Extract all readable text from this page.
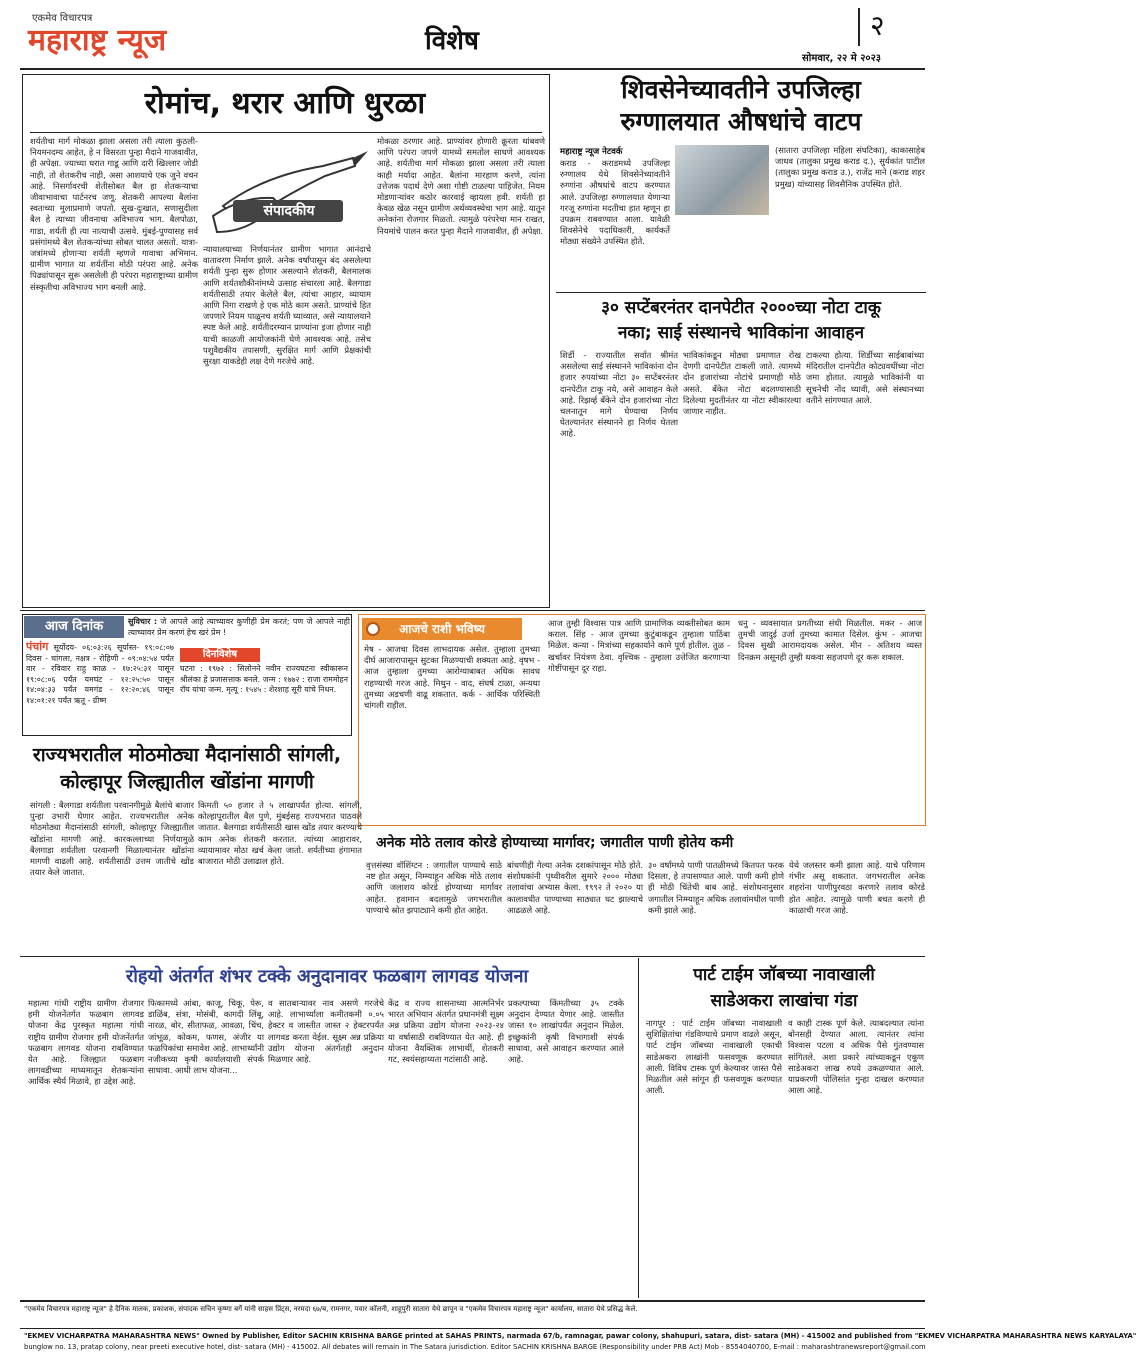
एकमेव विचारपत्र
महाराष्ट्र न्यूज	विशेष	२
सोमवार, २२ मे २०२३
रोमांच, थरार आणि धुरळा
शर्यतीचा मार्ग मोकळा झाला असला तरी त्याला कुठली-नियमनदम्य आहेत, हे न विसरता पुन्हा मैदाने गाजवावीत, ही अपेक्षा. ज्याच्या घरात गाडू आणि दारी खिल्लार जोडी नाही, तो शेतकरीच नाही, असा आशयाचे एक जुने वचन आहे. निसर्गावरची शेतीसोबत बैल हा शेतकऱ्याचा जीवाभावाचा पार्टनरच जणू. शेतकरी आपल्या बैलांना स्वतःच्या मुलाप्रमाणे जपतो. सुख-दुःखात, सणासुदीला बैल हे त्याच्या जीवनाचा अविभाज्य भाग. बैलपोळा, गाडा, शर्यती ही त्या नात्याची उत्सवे. मुंबई-पुण्यासह सर्व प्रसंगांमध्ये बैल शेतकऱ्यांच्या सोबत चालत असतो. यात्रा-जत्रांमध्ये होणाऱ्या शर्यती म्हणजे गावाचा अभिमान. ग्रामीण भागात या शर्यतींना मोठी परंपरा आहे. अनेक पिढ्यांपासून सुरू असलेली ही परंपरा महाराष्ट्राच्या ग्रामीण संस्कृतीचा अविभाज्य भाग बनली आहे.
संपादकीय
न्यायालयाच्या निर्णयानंतर ग्रामीण भागात आनंदाचे वातावरण निर्माण झाले. अनेक वर्षांपासून बंद असलेल्या शर्यती पुन्हा सुरू होणार असल्याने शेतकरी, बैलमालक आणि शर्यतशौकीनांमध्ये उत्साह संचारला आहे. बैलगाडा शर्यतीसाठी तयार केलेले बैल, त्यांचा आहार, व्यायाम आणि निगा राखणे हे एक मोठे काम असते. प्राण्यांचे हित जपणारे नियम पाळूनच शर्यती घ्याव्यात, असे न्यायालयाने स्पष्ट केले आहे. शर्यतीदरम्यान प्राण्यांना इजा होणार नाही याची काळजी आयोजकांनी घेणे आवश्यक आहे. तसेच पशुवैद्यकीय तपासणी, सुरक्षित मार्ग आणि प्रेक्षकांची सुरक्षा याकडेही लक्ष देणे गरजेचे आहे.
मोकळा ठरणार आहे. प्राण्यांवर होणारी क्रूरता थांबवणे आणि परंपरा जपणे यामध्ये समतोल साधणे आवश्यक आहे. शर्यतीचा मार्ग मोकळा झाला असला तरी त्याला काही मर्यादा आहेत. बैलांना मारहाण करणे, त्यांना उत्तेजक पदार्थ देणे अशा गोष्टी टाळल्या पाहिजेत. नियम मोडणाऱ्यांवर कठोर कारवाई व्हायला हवी. शर्यती हा केवळ खेळ नसून ग्रामीण अर्थव्यवस्थेचा भाग आहे. यातून अनेकांना रोजगार मिळतो. त्यामुळे परंपरेचा मान राखत, नियमांचे पालन करत पुन्हा मैदाने गाजवावीत, ही अपेक्षा.
शिवसेनेच्यावतीने उपजिल्हा
रुग्णालयात औषधांचे वाटप
महाराष्ट्र न्यूज नेटवर्क
कराड - कराडमध्ये उपजिल्हा रुग्णालय येथे शिवसेनेच्यावतीने रुग्णांना औषधांचे वाटप करण्यात आले. उपजिल्हा रुग्णालयात येणाऱ्या गरजू रुग्णांना मदतीचा हात म्हणून हा उपक्रम राबवण्यात आला. यावेळी शिवसेनेचे पदाधिकारी, कार्यकर्ते मोठ्या संख्येने उपस्थित होते.
(सातारा उपजिल्हा महिला संघटिका), काकासाहेब जाधव (तालुका प्रमुख कराड द.), सुर्यकांत पाटील (तालुका प्रमुख कराड उ.), राजेंद्र माने (कराड शहर प्रमुख) यांच्यासह शिवसैनिक उपस्थित होते.
३० सप्टेंबरनंतर दानपेटीत २०००च्या नोटा टाकू
नका; साई संस्थानचे भाविकांना आवाहन
शिर्डी - राज्यातील सर्वात श्रीमंत असलेल्या साई संस्थानने भाविकांना दोन हजार रुपयांच्या नोटा ३० सप्टेंबरनंतर दानपेटीत टाकू नये, असे आवाहन केले आहे. रिझर्व्ह बँकेने दोन हजारांच्या नोटा चलनातून मागे घेण्याचा निर्णय घेतल्यानंतर संस्थानने हा निर्णय घेतला आहे.
भाविकांकडून मोठ्या प्रमाणात रोख देणगी दानपेटीत टाकली जाते. त्यामध्ये दोन हजारांच्या नोटांचे प्रमाणही मोठे असते. बँकेत नोटा बदलण्यासाठी दिलेल्या मुदतीनंतर या नोटा स्वीकारल्या जाणार नाहीत.
टाकल्या होत्या. शिर्डीच्या साईबाबांच्या मंदिरातील दानपेटीत कोट्यवधींच्या नोटा जमा होतात. त्यामुळे भाविकांनी या सूचनेची नोंद घ्यावी, असे संस्थानच्या वतीने सांगण्यात आले.
आज दिनांक	सुविचार : जे आपले आहे त्याच्यावर कुणीही प्रेम करतं; पण जे आपले नाही त्याच्यावर प्रेम करणं हेच खरं प्रेम !
पंचांग सूर्योदय- ०६:०३:२६ सूर्यास्त- १९:०८:०७ दिवस - चांगला, नक्षत्र - रोहिणी - ०९:०४:५४ पर्यंत वार - रविवार राहु काळ - १७:२५:३१ पासून १९:०८:०६ पर्यंत यमघंट - १२:२५:५० पासून १४:०४:३३ पर्यंत यमगंड - १२:२०:४६ पासून १४:०१:२१ पर्यंत ऋतू - ग्रीष्म
दिनविशेष
घटना : १९७२ : सिलोनने नवीन राज्यघटना स्वीकारून श्रीलंका हे प्रजासत्ताक बनले. जन्म : १७७२ : राजा राममोहन रॉय यांचा जन्म. मृत्यू : १५४५ : शेरशाह सूरी यांचे निधन.
आजचे राशी भविष्य
मेष - आजचा दिवस लाभदायक असेल. तुम्हाला तुमच्या दीर्घ आजारापासून सुटका मिळण्याची शक्यता आहे. वृषभ - आज तुम्हाला तुमच्या आरोग्याबाबत अधिक सावध राहण्याची गरज आहे. मिथुन - वाद, संघर्ष टाळा, अन्यथा तुमच्या अडचणी वाढू शकतात. कर्क - आर्थिक परिस्थिती चांगली राहील.
आज तुम्ही विश्वास पात्र आणि प्रामाणिक व्यक्तीसोबत काम कराल. सिंह - आज तुमच्या कुटुंबाकडून तुम्हाला पाठिंबा मिळेल. कन्या - मित्रांच्या सहकार्याने कामे पूर्ण होतील. तुळ - खर्चावर नियंत्रण ठेवा. वृश्चिक - तुम्हाला उत्तेजित करणाऱ्या गोष्टींपासून दूर राहा.
धनु - व्यवसायात प्रगतीच्या संधी मिळतील. मकर - आज तुमची जादुई उर्जा तुमच्या कामात दिसेल. कुंभ - आजचा दिवस सुखी आरामदायक असेल. मीन - अतिशय व्यस्त दिनक्रम असूनही तुम्ही थकवा सहजपणे दूर करू शकाल.
राज्यभरातील मोठमोठ्या मैदानांसाठी सांगली,
कोल्हापूर जिल्ह्यातील खोंडांना मागणी
सांगली : बैलगाडा शर्यतीला परवानगीमुळे बैलांचे बाजार पुन्हा उभारी घेणार आहेत. राज्यभरातील अनेक मोठमोठ्या मैदानांसाठी सांगली, कोल्हापूर जिल्ह्यातील खोंडांना मागणी आहे. कारकल्लाच्या निर्णयामुळे बैलगाडा शर्यतीला परवानगी मिळाल्यानंतर खोंडांना मागणी वाढली आहे. शर्यतीसाठी उत्तम जातीचे खोंड तयार केले जातात.
किमती ५० हजार ते ५ लाखापर्यंत होत्या. सांगली, कोल्हापूरातील बैल पुणे, मुंबईसह राज्यभरात पाठवले जातात. बैलगाडा शर्यतीसाठी खास खोंड तयार करण्याचे काम अनेक शेतकरी करतात. त्यांच्या आहारावर, व्यायामावर मोठा खर्च केला जातो. शर्यतीच्या हंगामात बाजारात मोठी उलाढाल होते.
अनेक मोठे तलाव कोरडे होण्याच्या मार्गावर; जगातील पाणी होतेय कमी
वृत्तसंस्था वॉशिंग्टन : जगातील पाण्याचे साठे नष्ट होत असून, निम्म्याहून अधिक मोठे तलाव आणि जलाशय कोरडे होण्याच्या मार्गावर आहेत. हवामान बदलामुळे जगभरातील पाण्याचे स्रोत झपाट्याने कमी होत आहेत.
बांधणीही गेल्या अनेक दशकांपासून मोठे होते. संशोधकांनी पृथ्वीवरील सुमारे २००० मोठ्या तलावांचा अभ्यास केला. १९९२ ते २०२० या कालावधीत पाण्याच्या साठ्यात घट झाल्याचे आढळले आहे.
३० वर्षांमध्ये पाणी पातळीमध्ये कितपत फरक दिसला, हे तपासण्यात आले. पाणी कमी होणे ही मोठी चिंतेची बाब आहे. संशोधनानुसार जगातील निम्म्याहून अधिक तलावांमधील पाणी कमी झाले आहे.
येथे जलस्तर कमी झाला आहे. याचे परिणाम गंभीर असू शकतात. जगभरातील अनेक शहरांना पाणीपुरवठा करणारे तलाव कोरडे होत आहेत. त्यामुळे पाणी बचत करणे ही काळाची गरज आहे.
रोहयो अंतर्गत शंभर टक्के अनुदानावर फळबाग लागवड योजना
महात्मा गांधी राष्ट्रीय ग्रामीण रोजगार हमी योजनेंतर्गत फळबाग लागवड योजना केंद्र पुरस्कृत महात्मा गांधी राष्ट्रीय ग्रामीण रोजगार हमी योजनेंतर्गत फळबाग लागवड योजना राबविण्यात येत आहे. जिल्ह्यात फळबाग लागवडीच्या माध्यमातून शेतकऱ्यांना आर्थिक स्थैर्य मिळावे, हा उद्देश आहे.
फिकामध्ये आंबा, काजू, चिकू, पेरू, डाळिंब, संत्रा, मोसंबी, कागदी लिंबू, नारळ, बोर, सीताफळ, आवळा, चिंच, जांभूळ, कोकम, फणस, अंजीर या फळपिकांचा समावेश आहे. लाभार्थ्यांनी नजीकच्या कृषी कार्यालयाशी संपर्क साधावा. आधी लाभ योजना...
व सातबाऱ्यावर नाव असणे गरजेचे आहे. लाभार्थ्याला कमीतकमी ०.०५ हेक्टर व जास्तीत जास्त २ हेक्टरपर्यंत लागवड करता येईल. सूक्ष्म अन्न प्रक्रिया उद्योग योजना अंतर्गतही अनुदान मिळणार आहे.
केंद्र व राज्य शासनाच्या आत्मनिर्भर भारत अभियान अंतर्गत प्रधानमंत्री सूक्ष्म अन्न प्रक्रिया उद्योग योजना २०२३-२४ या वर्षासाठी राबविण्यात येत आहे. ही योजना वैयक्तिक लाभार्थी, शेतकरी गट, स्वयंसहाय्यता गटांसाठी आहे.
प्रकल्पाच्या किंमतीच्या ३५ टक्के अनुदान देण्यात येणार आहे. जास्तीत जास्त १० लाखांपर्यंत अनुदान मिळेल. इच्छुकांनी कृषी विभागाशी संपर्क साधावा, असे आवाहन करण्यात आले आहे.
पार्ट टाईम जॉबच्या नावाखाली
साडेअकरा लाखांचा गंडा
नागपूर : पार्ट टाईम जॉबच्या नावाखाली सुशिक्षितांचा गंडविण्याचे प्रमाण वाढले असून, पार्ट टाईम जॉबच्या नावाखाली एकाची साडेअकरा लाखांनी फसवणूक करण्यात आली. विविध टास्क पूर्ण केल्यावर जास्त पैसे मिळतील असे सांगून ही फसवणूक करण्यात आली.
व काही टास्क पूर्ण केले. त्याबदल्यात त्यांना बोनसही देण्यात आला. त्यानंतर त्यांना विश्वास पटला व अधिक पैसे गुंतवण्यास सांगितले. अशा प्रकारे त्यांच्याकडून एकूण साडेअकरा लाख रुपये उकळण्यात आले. याप्रकरणी पोलिसांत गुन्हा दाखल करण्यात आला आहे.
"एकमेव विचारपत्र महाराष्ट्र न्यूज" हे दैनिक मालक, प्रकाशक, संपादक सचिन कृष्णा बर्गे यांनी साहस प्रिंट्स, नरमदा ६७/ब, रामनगर, पवार कॉलनी, शाहूपुरी सातारा येथे छापून व "एकमेव विचारपत्र महाराष्ट्र न्यूज" कार्यालय, सातारा येथे प्रसिद्ध केले.
"EKMEV VICHARPATRA MAHARASHTRA NEWS" Owned by Publisher, Editor SACHIN KRISHNA BARGE printed at SAHAS PRINTS, narmada 67/b, ramnagar, pawar colony, shahupuri, satara, dist- satara (MH) - 415002 and published from "EKMEV VICHARPATRA MAHARASHTRA NEWS KARYALAYA"
bunglow no. 13, pratap colony, near preeti executive hotel, dist- satara (MH) - 415002. All debates will remain in The Satara jurisdiction. Editor SACHIN KRISHNA BARGE (Responsibility under PRB Act) Mob - 8554040700, E-mail : maharashtranewsreport@gmail.com
